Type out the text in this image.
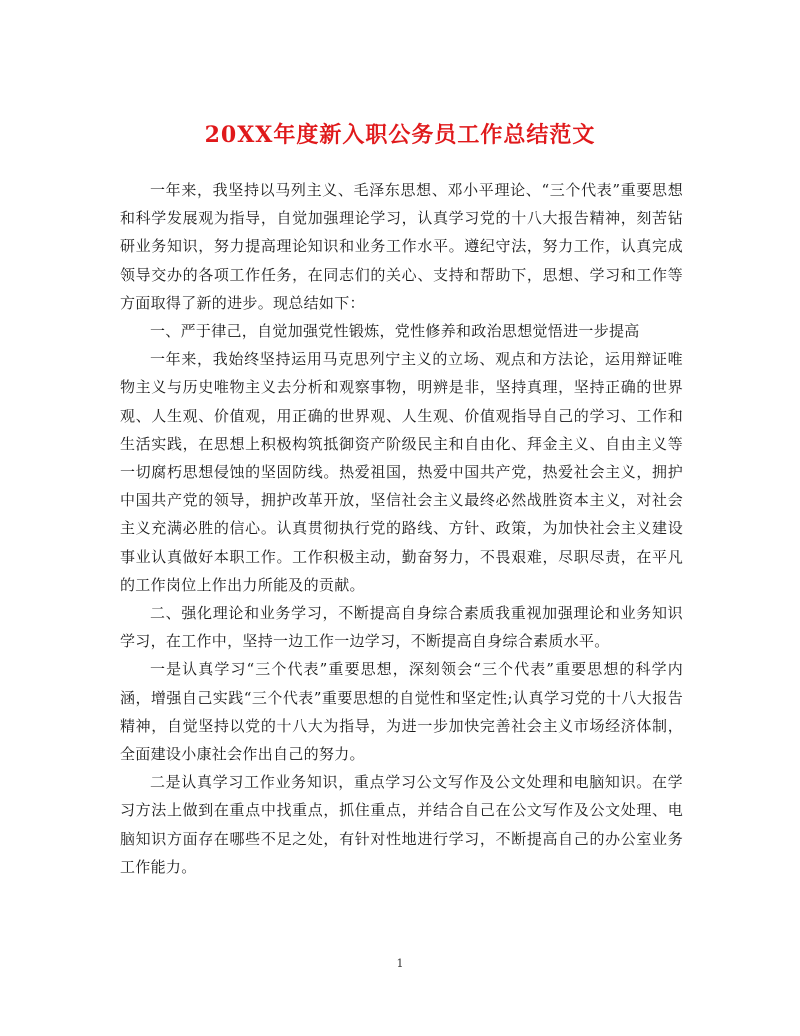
20XX年度新入职公务员工作总结范文

一年来，我坚持以马列主义、毛泽东思想、邓小平理论、“三个代表”重要思想和科学发展观为指导，自觉加强理论学习，认真学习党的十八大报告精神，刻苦钻研业务知识，努力提高理论知识和业务工作水平。遵纪守法，努力工作，认真完成领导交办的各项工作任务，在同志们的关心、支持和帮助下，思想、学习和工作等方面取得了新的进步。现总结如下：

一、严于律己，自觉加强党性锻炼，党性修养和政治思想觉悟进一步提高

一年来，我始终坚持运用马克思列宁主义的立场、观点和方法论，运用辩证唯物主义与历史唯物主义去分析和观察事物，明辨是非，坚持真理，坚持正确的世界观、人生观、价值观，用正确的世界观、人生观、价值观指导自己的学习、工作和生活实践，在思想上积极构筑抵御资产阶级民主和自由化、拜金主义、自由主义等一切腐朽思想侵蚀的坚固防线。热爱祖国，热爱中国共产党，热爱社会主义，拥护中国共产党的领导，拥护改革开放，坚信社会主义最终必然战胜资本主义，对社会主义充满必胜的信心。认真贯彻执行党的路线、方针、政策，为加快社会主义建设事业认真做好本职工作。工作积极主动，勤奋努力，不畏艰难，尽职尽责，在平凡的工作岗位上作出力所能及的贡献。

二、强化理论和业务学习，不断提高自身综合素质我重视加强理论和业务知识学习，在工作中，坚持一边工作一边学习，不断提高自身综合素质水平。

一是认真学习“三个代表”重要思想，深刻领会“三个代表”重要思想的科学内涵，增强自己实践“三个代表”重要思想的自觉性和坚定性;认真学习党的十八大报告精神，自觉坚持以党的十八大为指导，为进一步加快完善社会主义市场经济体制，全面建设小康社会作出自己的努力。

二是认真学习工作业务知识，重点学习公文写作及公文处理和电脑知识。在学习方法上做到在重点中找重点，抓住重点，并结合自己在公文写作及公文处理、电脑知识方面存在哪些不足之处，有针对性地进行学习，不断提高自己的办公室业务工作能力。

1
